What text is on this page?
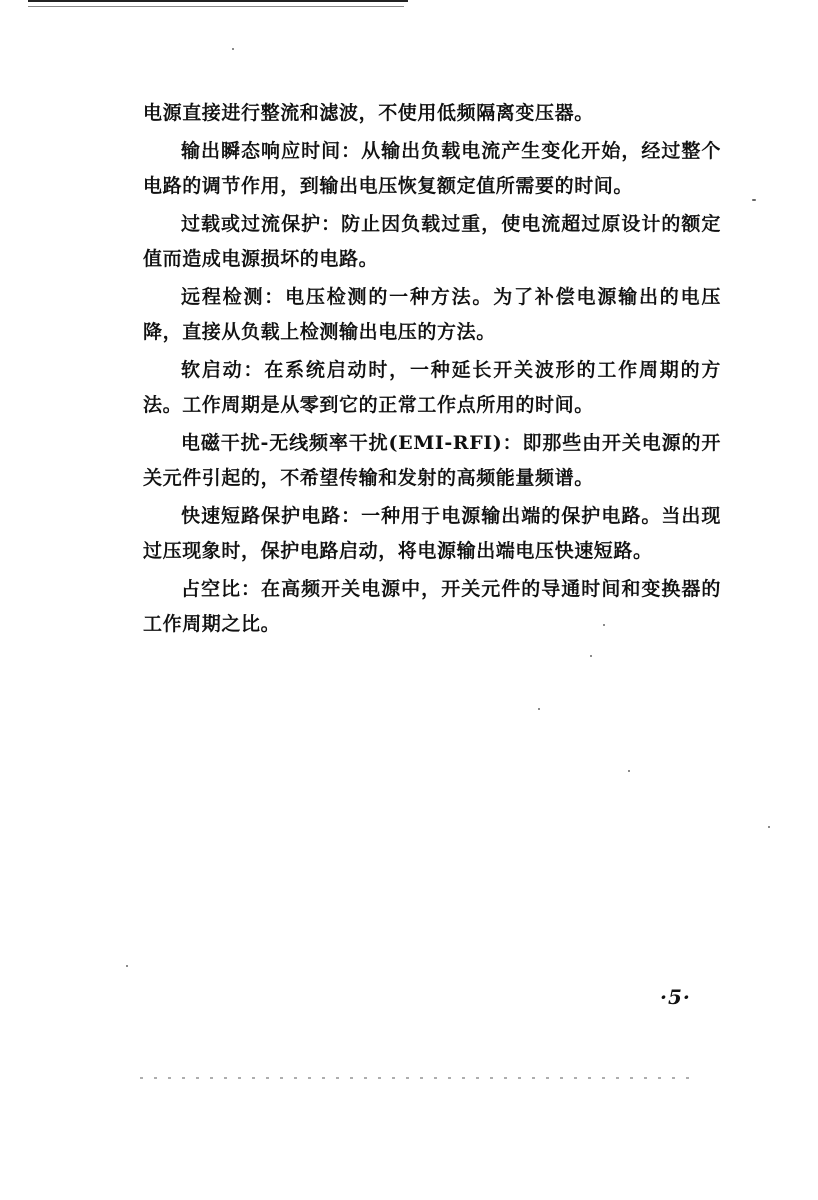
电源直接进行整流和滤波，不使用低频隔离变压器。

输出瞬态响应时间：从输出负载电流产生变化开始，经过整个电路的调节作用，到输出电压恢复额定值所需要的时间。

过载或过流保护：防止因负载过重，使电流超过原设计的额定值而造成电源损坏的电路。

远程检测：电压检测的一种方法。为了补偿电源输出的电压降，直接从负载上检测输出电压的方法。

软启动：在系统启动时，一种延长开关波形的工作周期的方法。工作周期是从零到它的正常工作点所用的时间。

电磁干扰-无线频率干扰(EMI-RFI)：即那些由开关电源的开关元件引起的，不希望传输和发射的高频能量频谱。

快速短路保护电路：一种用于电源输出端的保护电路。当出现过压现象时，保护电路启动，将电源输出端电压快速短路。

占空比：在高频开关电源中，开关元件的导通时间和变换器的工作周期之比。

·5·
